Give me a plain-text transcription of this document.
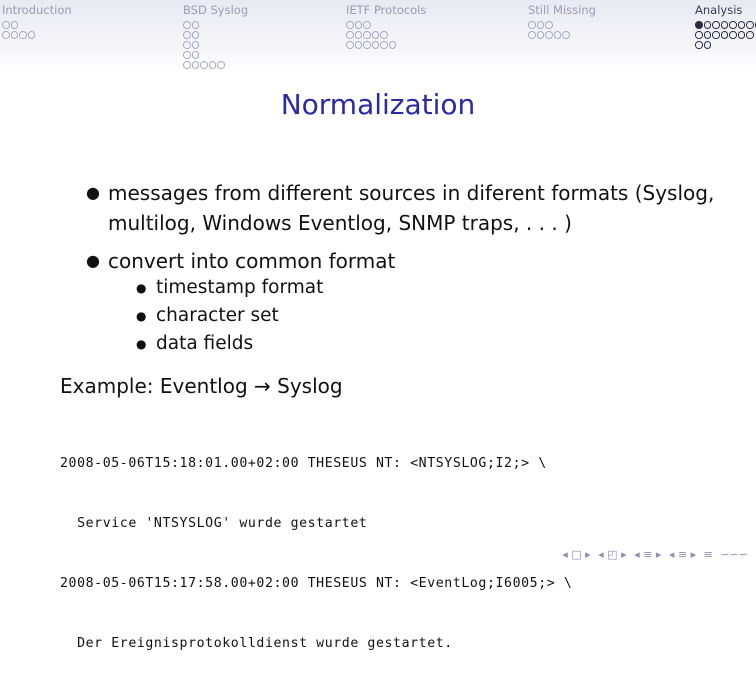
Introduction	BSD Syslog	IETF Protocols	Still Missing	Analysis
Normalization
● messages from different sources in diferent formats (Syslog, multilog, Windows Eventlog, SNMP traps, . . . )
● convert into common format
● timestamp format
● character set
● data fields
Example: Eventlog → Syslog

2008-05-06T15:18:01.00+02:00 THESEUS NT: <NTSYSLOG;I2;> \

Service 'NTSYSLOG' wurde gestartet

2008-05-06T15:17:58.00+02:00 THESEUS NT: <EventLog;I6005;> \

Der Ereignisprotokolldienst wurde gestartet.

◂ □ ▸ ◂ ◰ ▸ ◂ ≡ ▸ ◂ ≡ ▸ ≡ ∽∽∽
